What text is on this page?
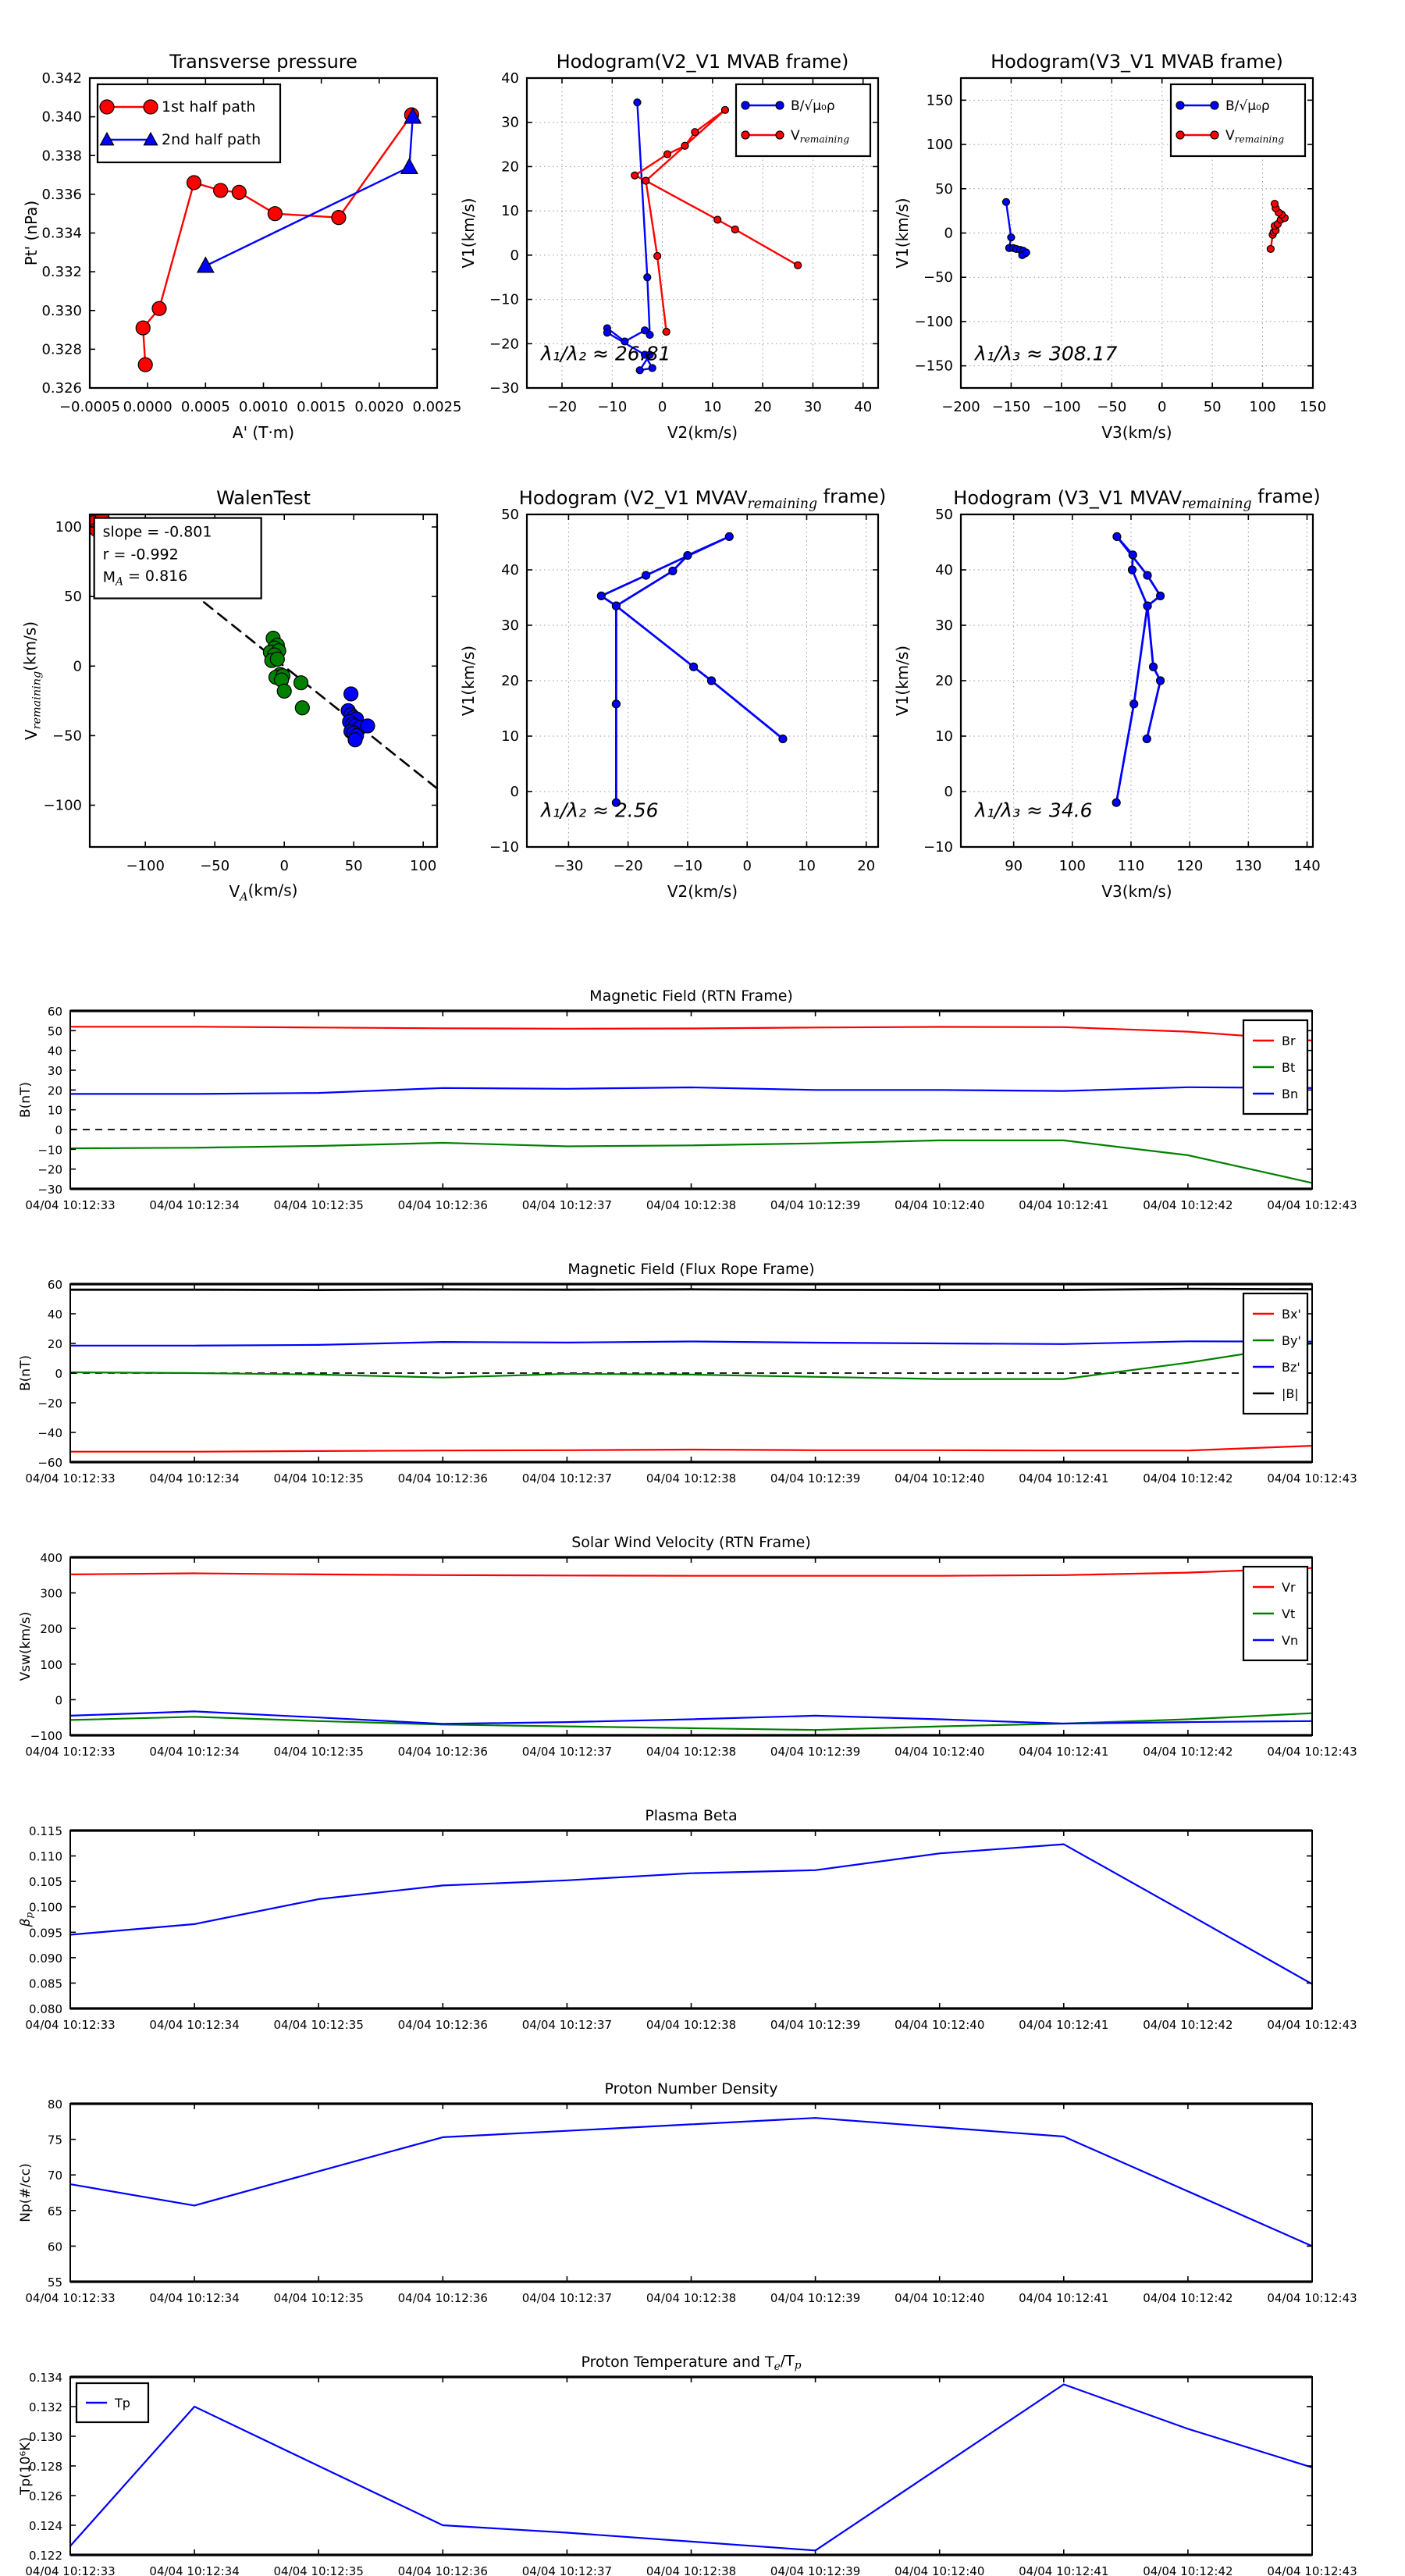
−0.0005 0.0000 0.0005 0.0010 0.0015 0.0020 0.0025
0.326
0.328
0.330
0.332
0.334
0.336
0.338
0.340
0.342
Transverse pressure
A' (T·m)
Pt' (nPa)
1st half path
2nd half path
−20 −10 0	10 20 30 40
−30
−20
−10
0
10
20
30
40
Hodogram(V2_V1 MVAB frame)
V2(km/s)
V1(km/s)
λ₁/λ₂ ≈ 26.81
B/√μ₀ρ
$V_{remaining}$
−200 −150 −100 −50 0	50 100 150
−150
−100
−50
0
50
100
150
Hodogram(V3_V1 MVAB frame)
V3(km/s)
V1(km/s)
λ₁/λ₃ ≈ 308.17
B/√μ₀ρ
$V_{remaining}$
−100	−50	0	50	100
−100
−50
0
50
100
WalenTest
$V_A(km/s)$
$V_{remaining}(km/s)$
slope = -0.801
r = -0.992
$M_A = 0.816$
−30 −20 −10	0	10	20
−10
0
10
20
30
40
50
Hodogram (V2_V1 $MVAV_{remaining}$ frame)
V2(km/s)
V1(km/s)
λ₁/λ₂ ≈ 2.56
90	100 110 120 130 140
−10
0
10
20
30
40
50
Hodogram (V3_V1 $MVAV_{remaining}$ frame)
V3(km/s)
V1(km/s)
λ₁/λ₃ ≈ 34.6
04/04 10:12:33	04/04 10:12:34	04/04 10:12:35	04/04 10:12:36	04/04 10:12:37	04/04 10:12:38	04/04 10:12:39	04/04 10:12:40	04/04 10:12:41	04/04 10:12:42	04/04 10:12:43
−30
−20
−10
0
10
20
30
40
50
60
Magnetic Field (RTN Frame)
B(nT)
Br
Bt
Bn
04/04 10:12:33	04/04 10:12:34	04/04 10:12:35	04/04 10:12:36	04/04 10:12:37	04/04 10:12:38	04/04 10:12:39	04/04 10:12:40	04/04 10:12:41	04/04 10:12:42	04/04 10:12:43
−60
−40
−20
0
20
40
60
Magnetic Field (Flux Rope Frame)
B(nT)
Bx'
By'
Bz'
|B|
04/04 10:12:33	04/04 10:12:34	04/04 10:12:35	04/04 10:12:36	04/04 10:12:37	04/04 10:12:38	04/04 10:12:39	04/04 10:12:40	04/04 10:12:41	04/04 10:12:42	04/04 10:12:43
−100
0
100
200
300
400
Solar Wind Velocity (RTN Frame)
Vsw(km/s)
Vr
Vt
Vn
04/04 10:12:33	04/04 10:12:34	04/04 10:12:35	04/04 10:12:36	04/04 10:12:37	04/04 10:12:38	04/04 10:12:39	04/04 10:12:40	04/04 10:12:41	04/04 10:12:42	04/04 10:12:43
0.080
0.085
0.090
0.095
0.100
0.105
0.110
0.115
Plasma Beta
$\beta_p$
04/04 10:12:33	04/04 10:12:34	04/04 10:12:35	04/04 10:12:36	04/04 10:12:37	04/04 10:12:38	04/04 10:12:39	04/04 10:12:40	04/04 10:12:41	04/04 10:12:42	04/04 10:12:43
55
60
65
70
75
80
Proton Number Density
Np(#/cc)
04/04 10:12:33	04/04 10:12:34	04/04 10:12:35	04/04 10:12:36	04/04 10:12:37	04/04 10:12:38	04/04 10:12:39	04/04 10:12:40	04/04 10:12:41	04/04 10:12:42	04/04 10:12:43
0.122
0.124
0.126
0.128
0.130
0.132
0.134
Proton Temperature and $T_e/T_p$
Tp(10⁶K)
Tp
